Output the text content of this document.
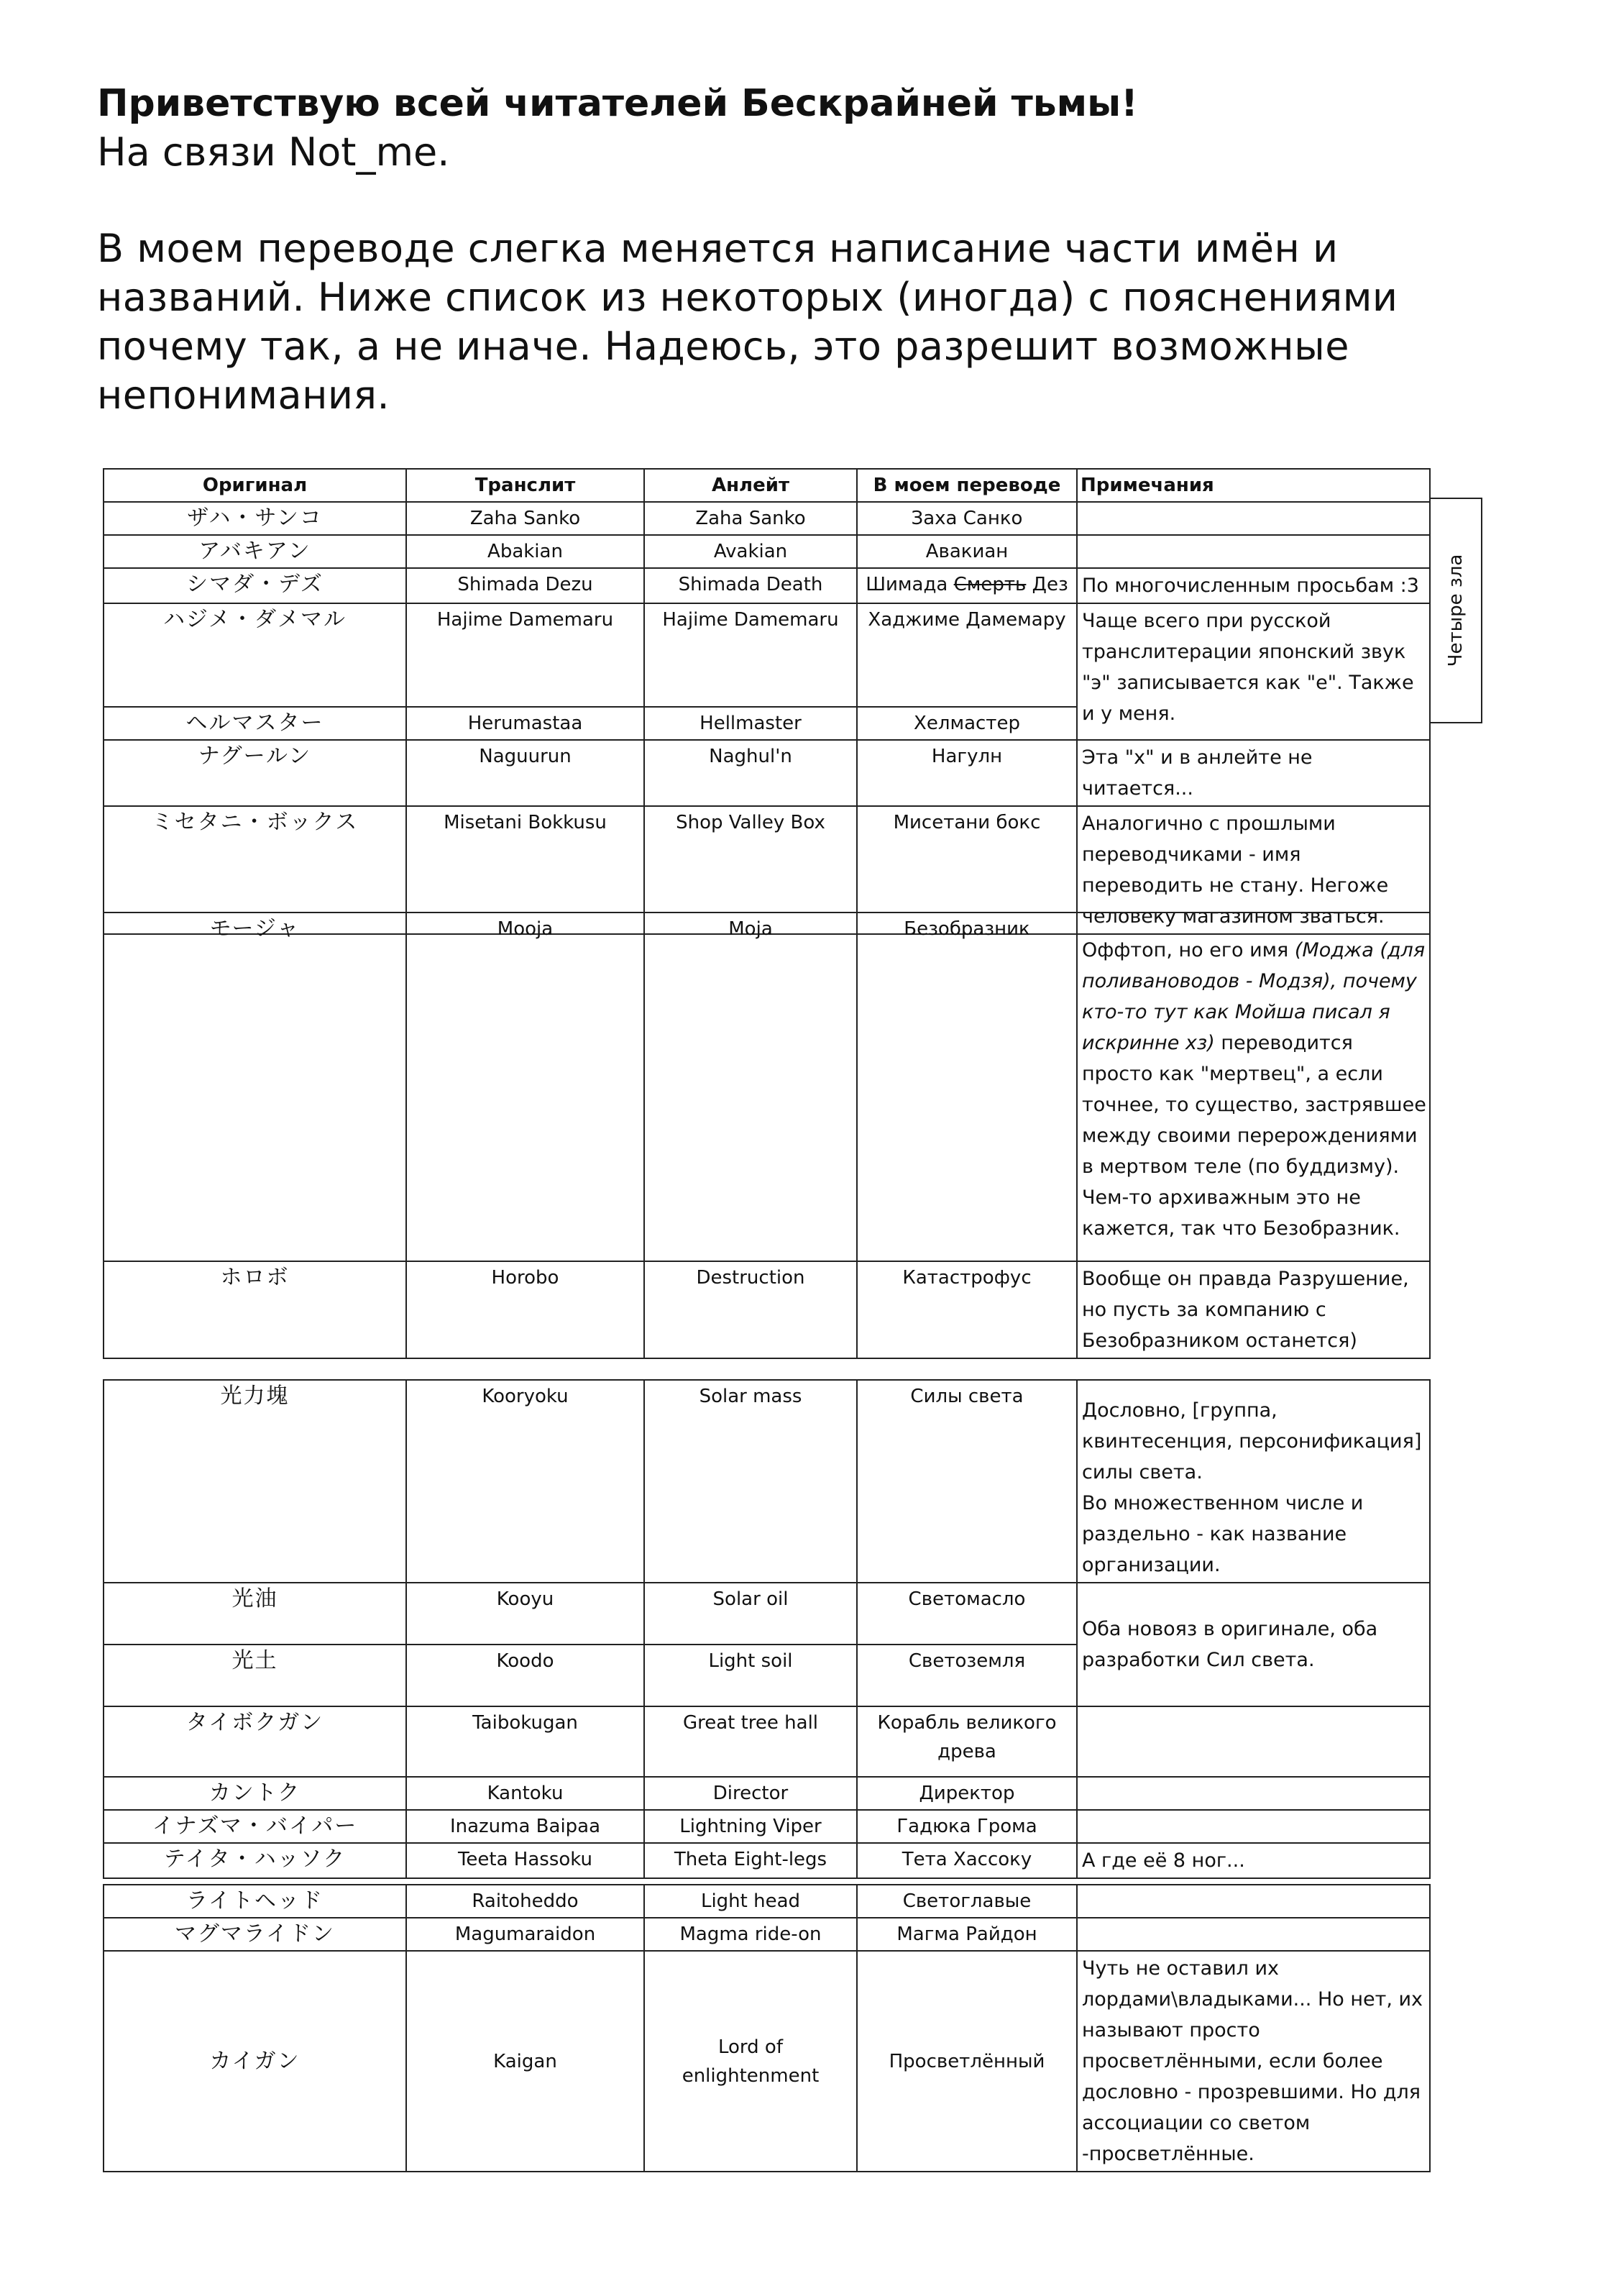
Приветствую всей читателей Бескрайней тьмы!
На связи Not_me.
В моем переводе слегка меняется написание части имён и названий. Ниже список из некоторых (иногда) с пояснениями почему так, а не иначе. Надеюсь, это разрешит возможные непонимания.
Оригинал	Транслит	Анлейт	В моем переводе	Примечания
ザハ・サンコ	Zaha Sanko	Zaha Sanko	Заха Санко	
アバキアン	Abakian	Avakian	Авакиан	
シマダ・デズ	Shimada Dezu	Shimada Death	Шимада Смерть Дез	По многочисленным просьбам :3
ハジメ・ダメマル	Hajime Damemaru	Hajime Damemaru	Хаджиме Дамемару	Чаще всего при русской транслитерации японский звук "э" записывается как "е". Также и у меня.
ヘルマスター	Herumastaa	Hellmaster	Хелмастер	
ナグールン	Naguurun	Naghul'n	Нагулн	Эта "х" и в анлейте не читается...
ミセタニ・ボックス	Misetani Bokkusu	Shop Valley Box	Мисетани бокс	Аналогично с прошлыми переводчиками - имя переводить не стану. Негоже человеку магазином зваться.
Четыре зла
モージャ	Mooja	Moja	Безобразник	Оффтоп, но его имя (Моджа (для поливановодов - Модзя), почему кто-то тут как Мойша писал я искринне хз) переводится просто как "мертвец", а если точнее, то существо, застрявшее между своими перерождениями в мертвом теле (по буддизму).
Чем-то архиважным это не кажется, так что Безобразник.
ホロボ	Horobo	Destruction	Катастрофус	Вообще он правда Разрушение, но пусть за компанию с Безобразником останется)
光力塊	Kooryoku	Solar mass	Силы света	Дословно, [группа, квинтесенция, персонификация] силы света.
Во множественном числе и раздельно - как название организации.
光油	Kooyu	Solar oil	Светомасло	Оба новояз в оригинале, оба разработки Сил света.
光土	Koodo	Light soil	Светоземля	
タイボクガン	Taibokugan	Great tree hall	Корабль великого древа	
カントク	Kantoku	Director	Директор	
イナズマ・バイパー	Inazuma Baipaa	Lightning Viper	Гадюка Грома	
テイタ・ハッソク	Teeta Hassoku	Theta Eight-legs	Тета Хассоку	А где её 8 ног...
ライトヘッド	Raitoheddo	Light head	Светоглавые	
マグマライドン	Magumaraidon	Magma ride-on	Магма Райдон	
カイガン	Kaigan	Lord of enlightenment	Просветлённый	Чуть не оставил их лордами\владыками... Но нет, их называют просто просветлёнными, если более дословно - прозревшими. Но для ассоциации со светом -просветлённые.
